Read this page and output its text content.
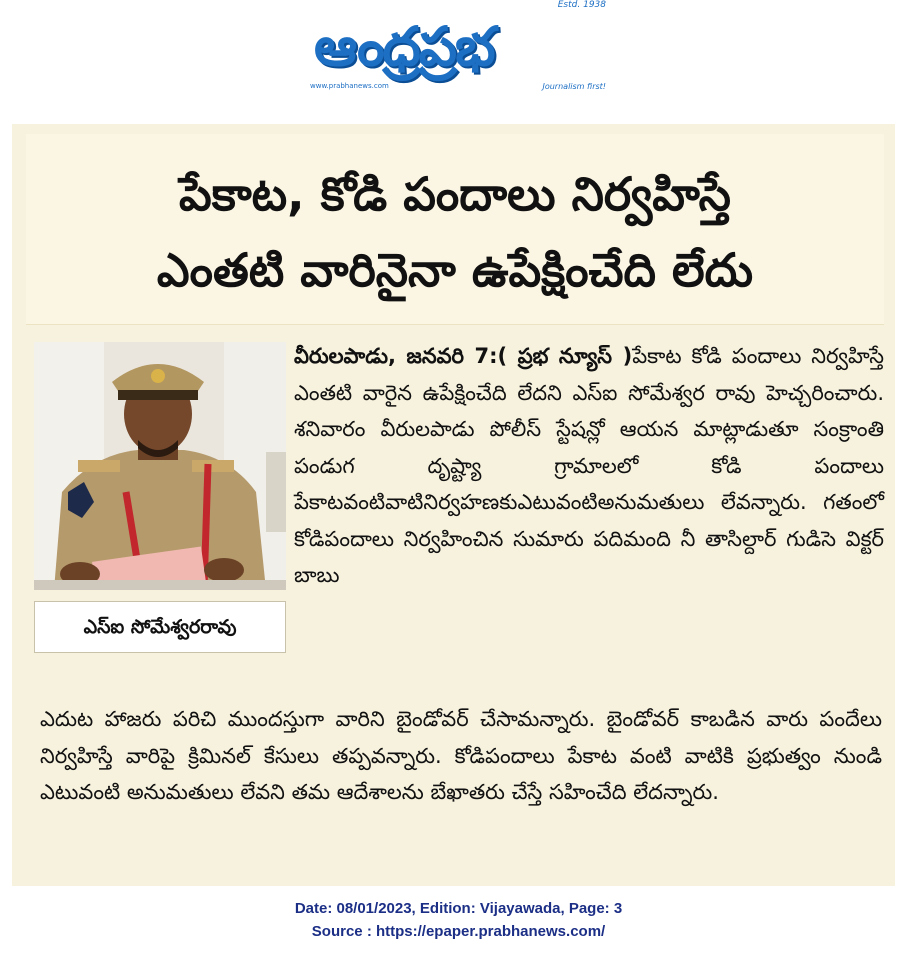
ఆంధ్రప్రభ
Estd. 1938
www.prabhanews.com	Journalism first!
పేకాట, కోడి పందాలు నిర్వహిస్తే
ఎంతటి వారినైనా ఉపేక్షించేది లేదు
ఎస్ఐ సోమేశ్వరరావు

వీరులపాడు, జనవరి 7:( ప్రభ న్యూస్ )పేకాట కోడి పందాలు నిర్వహిస్తే ఎంతటి వారైన ఉపేక్షించేది లేదని ఎస్ఐ సోమేశ్వర రావు హెచ్చరించారు. శనివారం వీరులపాడు పోలీస్ స్టేషన్లో ఆయన మాట్లాడుతూ సంక్రాంతి పండుగ దృష్ట్యా గ్రామాలలో కోడి పందాలు పేకాటవంటివాటినిర్వహణకుఎటువంటిఅనుమతులు లేవన్నారు. గతంలో కోడిపందాలు నిర్వహించిన సుమారు పదిమంది నీ తాసిల్దార్ గుడిసె విక్టర్ బాబు

ఎదుట హాజరు పరిచి ముందస్తుగా వారిని బైండోవర్ చేసామన్నారు. బైండోవర్ కాబడిన వారు పందేలు నిర్వహిస్తే వారిపై క్రిమినల్ కేసులు తప్పవన్నారు. కోడిపందాలు పేకాట వంటి వాటికి ప్రభుత్వం నుండి ఎటువంటి అనుమతులు లేవని తమ ఆదేశాలను బేఖాతరు చేస్తే సహించేది లేదన్నారు.

Date: 08/01/2023, Edition: Vijayawada, Page: 3
Source : https://epaper.prabhanews.com/
